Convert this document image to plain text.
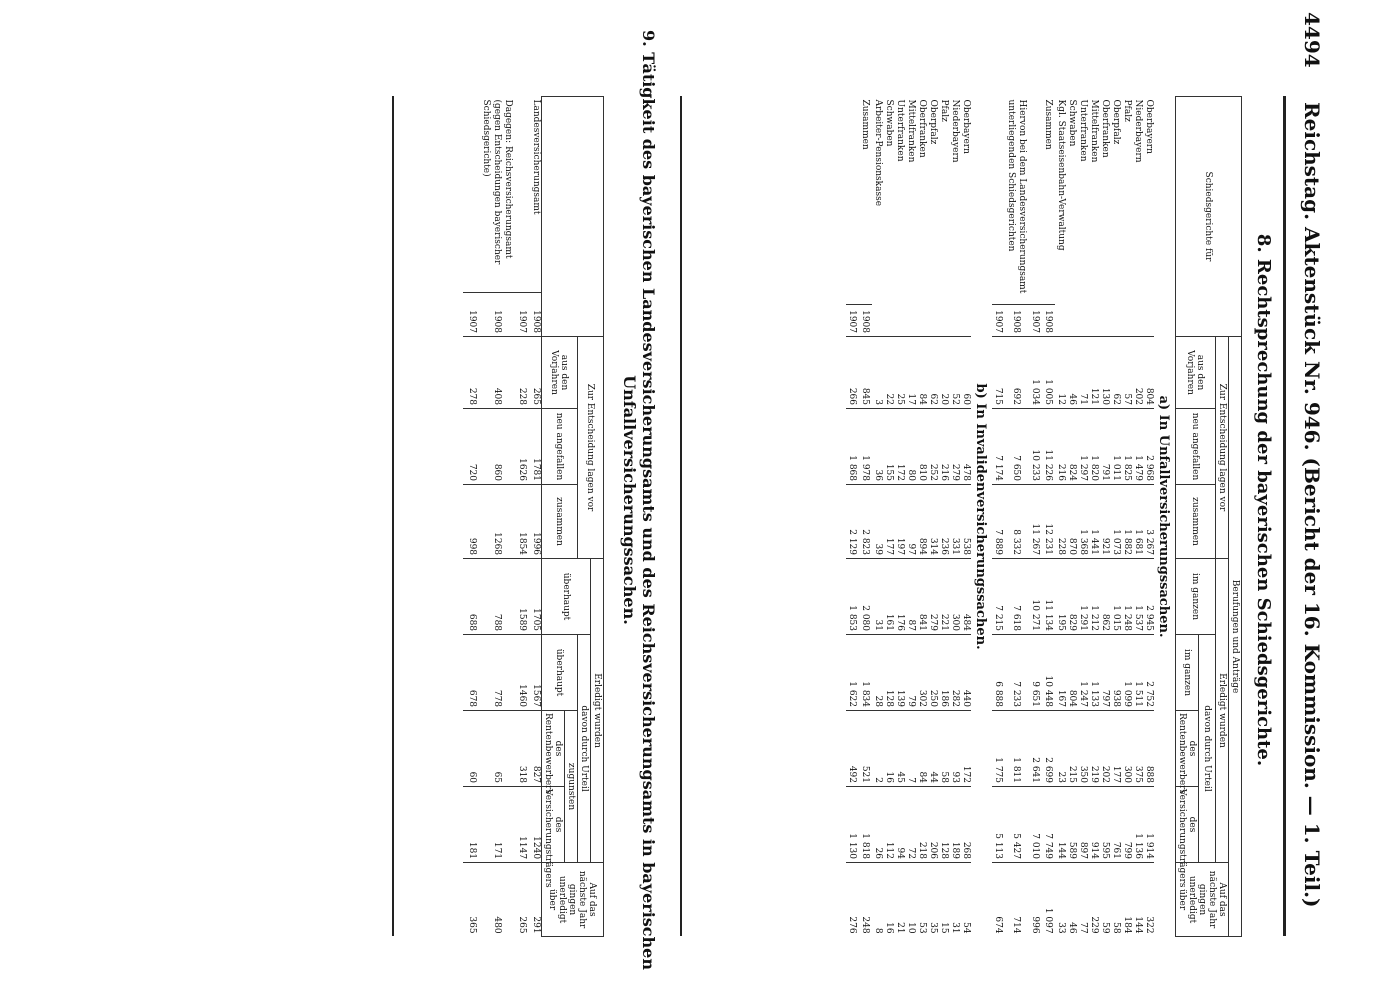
4494
Reichstag. Aktenstück Nr. 946. (Bericht der 16. Kommission. — 1. Teil.)
8. Rechtsprechung der bayerischen Schiedsgerichte.
Schiedsgerichte für		Berufungen und Anträge							
		Zur Entscheidung lagen vor			Erledigt wurden				Auf das nächste Jahr gingen unerledigt über
		aus den Vorjahren	neu angefallen	zusammen	im ganzen	davon durch Urteil			
						im ganzen	des Rentenbewerbers	des Versicherungsträgers	
a) In Unfallversicherungssachen.									
Oberbayern		804	2 968	3 267	2 945	2 752	888	1 914	322
Niederbayern		202	1 479	1 681	1 537	1 511	375	1 136	144
Pfalz		57	1 825	1 882	1 248	1 099	300	799	184
Oberpfalz		62	1 011	1 073	1 015	938	177	761	58
Oberfranken		130	791	921	862	797	202	595	59
Mittelfranken		121	1 820	1 441	1 212	1 133	219	914	229
Unterfranken		71	1 297	1 368	1 291	1 247	350	897	77
Schwaben		46	824	870	829	804	215	589	46
Kgl. Staatseisenbahn-Verwaltung		12	216	228	195	167	23	144	33
Zusammen	1908	1 005	11 226	12 231	11 134	10 448	2 699	7 749	1 097
	1907	1 034	10 233	11 267	10 271	9 651	2 641	7 010	996
Hiervon bei dem Landesversicherungsamt unterliegenden Schiedsgerichten	1908	692	7 650	8 332	7 618	7 233	1 811	5 427	714
	1907	715	7 174	7 889	7 215	6 888	1 775	5 113	674
b) In Invalidenversicherungssachen.									
Oberbayern		60	478	538	484	440	172	268	54
Niederbayern		52	279	331	300	282	93	189	31
Pfalz		20	216	236	221	186	58	128	15
Oberpfalz		62	252	314	279	250	44	206	35
Oberfranken		84	810	894	841	302	84	218	53
Mittelfranken		17	80	97	87	79	7	72	10
Unterfranken		25	172	197	176	139	45	94	21
Schwaben		22	155	177	161	128	16	112	16
Arbeiter-Pensionskasse		3	36	39	31	28	2	26	8
Zusammen	1908	845	1 978	2 823	2 080	1 834	521	1 818	248
	1907	266	1 868	2 129	1 853	1 622	492	1 130	276
9. Tätigkeit des bayerischen Landesversicherungsamts und des Reichsversicherungsamts in bayerischen Unfallversicherungssachen.
		Zur Entscheidung lagen vor			Erledigt wurden				Auf das nächste Jahr gingen unerledigt über
					überhaupt	davon durch Urteil			
		aus den Vorjahren	neu angefallen	zusammen		überhaupt	zugunsten		
							des Rentenbewerbers	des Versicherungsträgers	
Landesversicherungsamt	1908	265	1781	1996	1705	1567	827	1240	291
	1907	228	1626	1854	1589	1460	318	1147	265
Dagegen: Reichsversicherungsamt (gegen Entscheidungen bayerischer Schiedsgerichte)	1908	408	860	1268	788	778	65	171	480
	1907	278	720	998	688	678	60	181	365
